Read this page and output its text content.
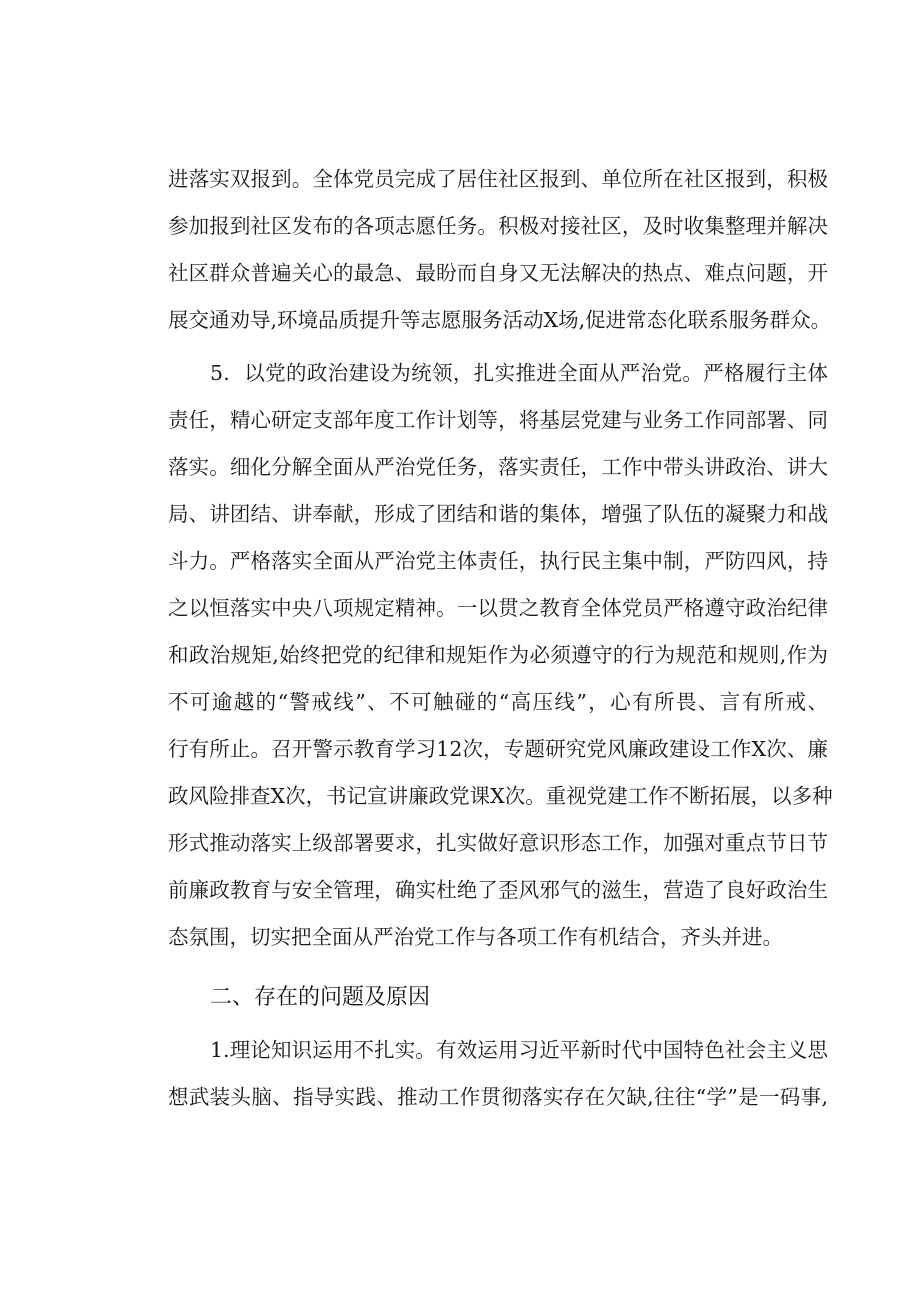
进落实双报到。全体党员完成了居住社区报到、单位所在社区报到，积极
参加报到社区发布的各项志愿任务。积极对接社区，及时收集整理并解决
社区群众普遍关心的最急、最盼而自身又无法解决的热点、难点问题，开
展交通劝导,环境品质提升等志愿服务活动X场,促进常态化联系服务群众。
5．以党的政治建设为统领，扎实推进全面从严治党。严格履行主体
责任，精心研定支部年度工作计划等，将基层党建与业务工作同部署、同
落实。细化分解全面从严治党任务，落实责任，工作中带头讲政治、讲大
局、讲团结、讲奉献，形成了团结和谐的集体，增强了队伍的凝聚力和战
斗力。严格落实全面从严治党主体责任，执行民主集中制，严防四风，持
之以恒落实中央八项规定精神。一以贯之教育全体党员严格遵守政治纪律
和政治规矩,始终把党的纪律和规矩作为必须遵守的行为规范和规则,作为
不可逾越的“警戒线”、不可触碰的“高压线”，心有所畏、言有所戒、
行有所止。召开警示教育学习12次，专题研究党风廉政建设工作X次、廉
政风险排查X次，书记宣讲廉政党课X次。重视党建工作不断拓展，以多种
形式推动落实上级部署要求，扎实做好意识形态工作，加强对重点节日节
前廉政教育与安全管理，确实杜绝了歪风邪气的滋生，营造了良好政治生
态氛围，切实把全面从严治党工作与各项工作有机结合，齐头并进。
二、存在的问题及原因
1.理论知识运用不扎实。有效运用习近平新时代中国特色社会主义思
想武装头脑、指导实践、推动工作贯彻落实存在欠缺,往往“学”是一码事,
